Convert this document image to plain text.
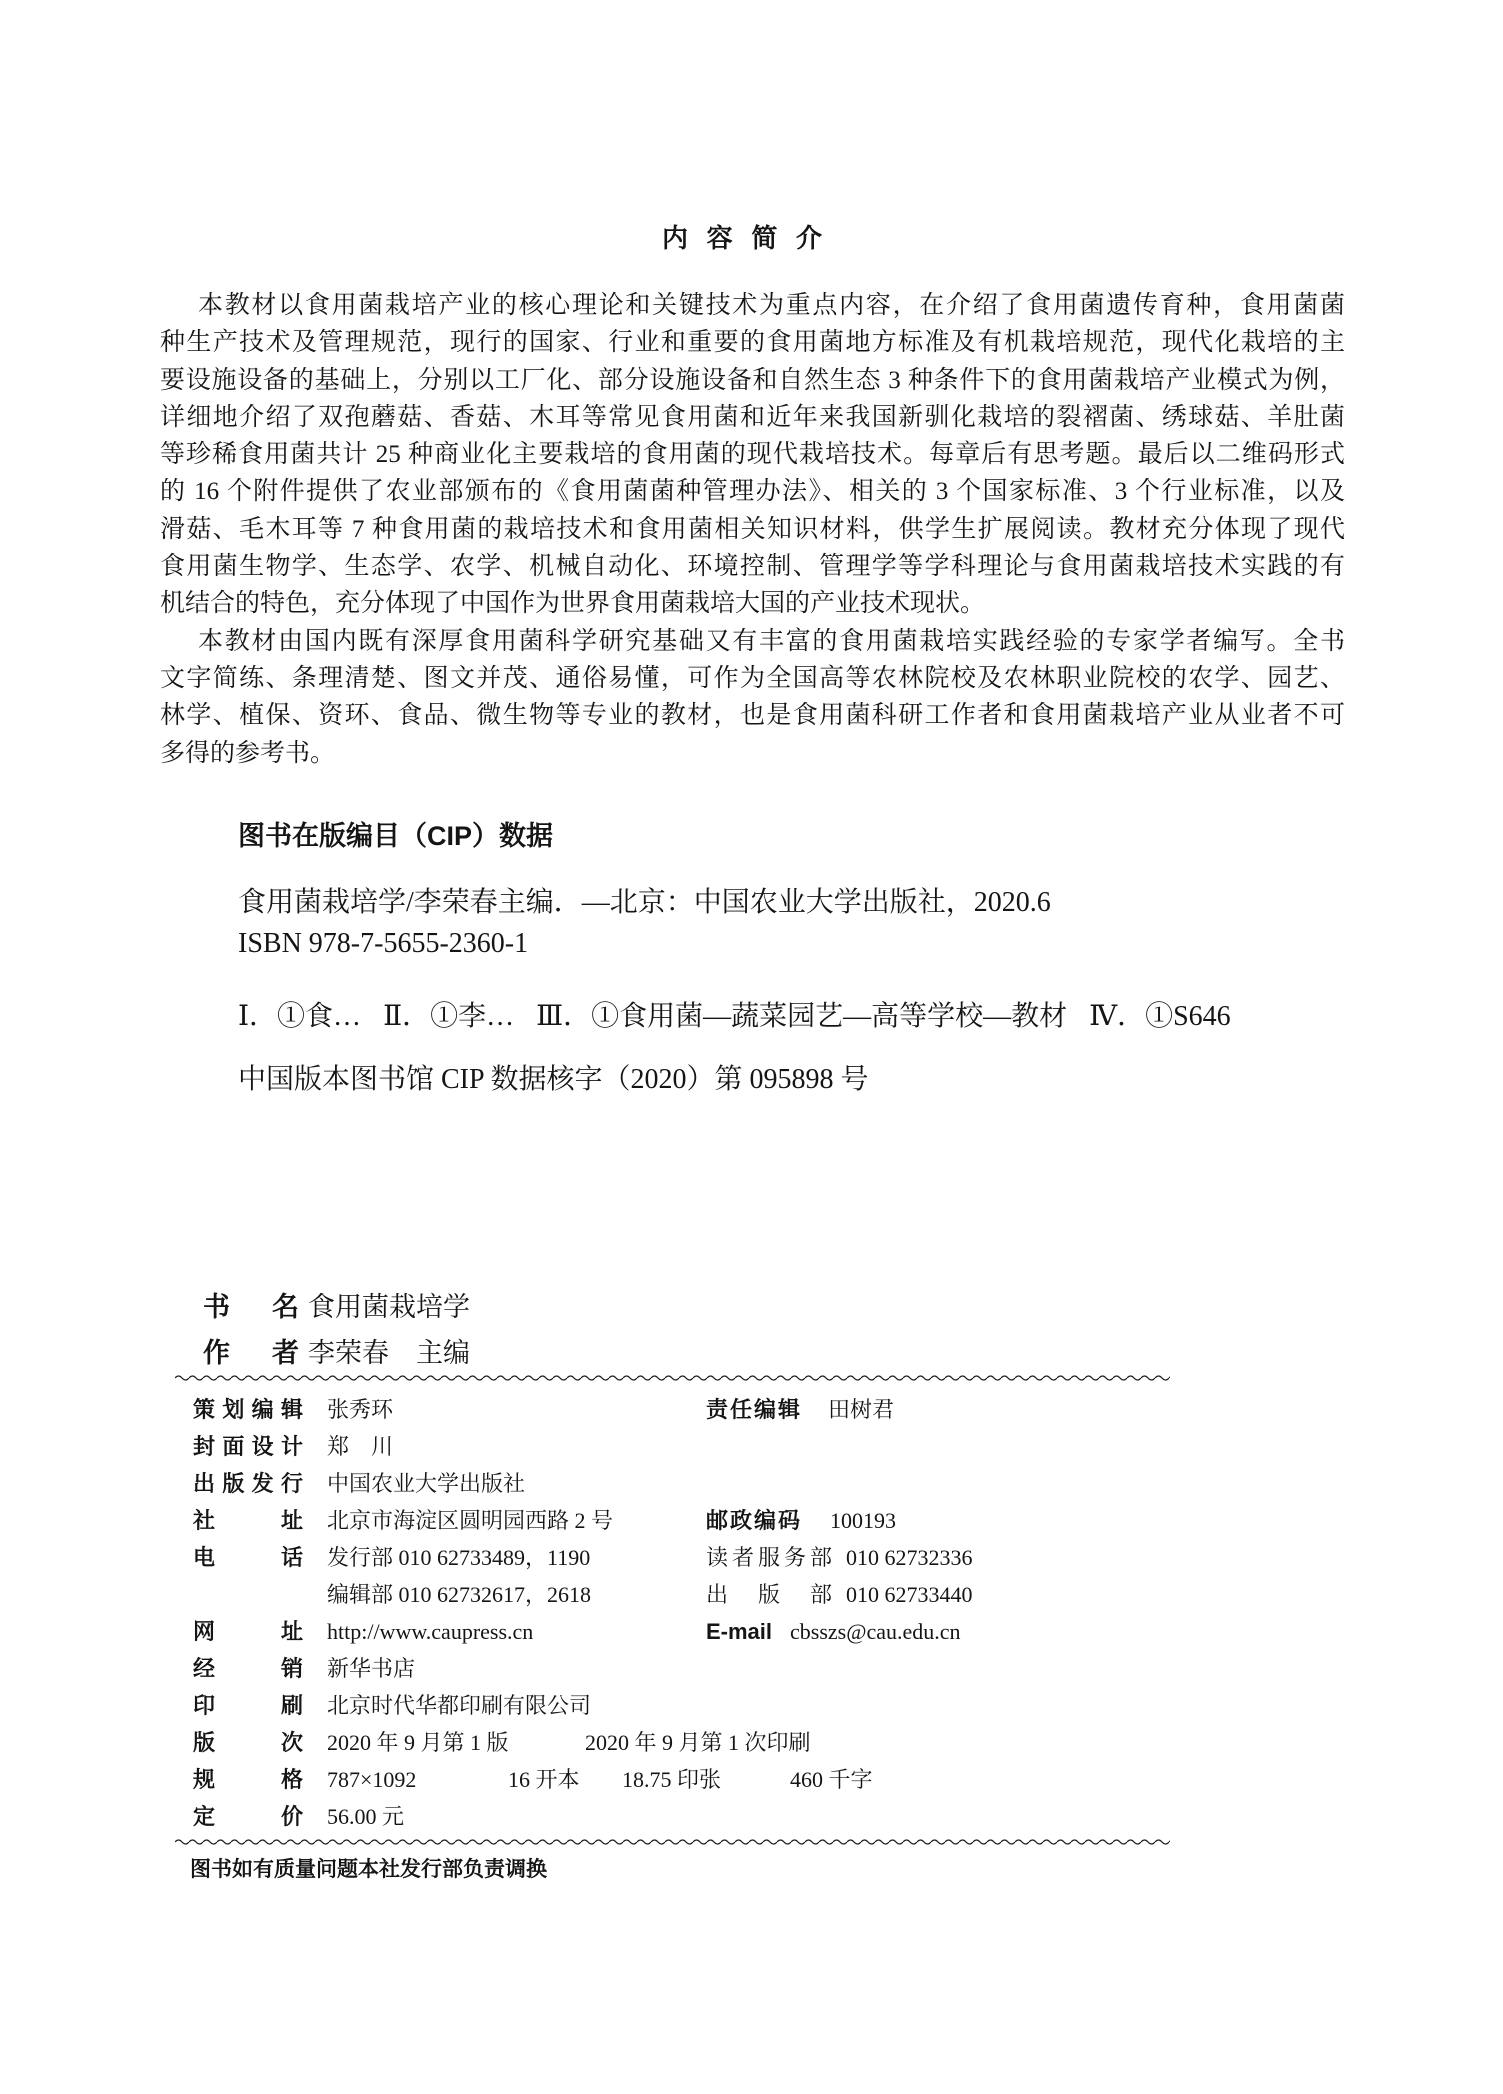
内容简介
本教材以食用菌栽培产业的核心理论和关键技术为重点内容，在介绍了食用菌遗传育种，食用菌菌
种生产技术及管理规范，现行的国家、行业和重要的食用菌地方标准及有机栽培规范，现代化栽培的主
要设施设备的基础上，分别以工厂化、部分设施设备和自然生态 3 种条件下的食用菌栽培产业模式为例，
详细地介绍了双孢蘑菇、香菇、木耳等常见食用菌和近年来我国新驯化栽培的裂褶菌、绣球菇、羊肚菌
等珍稀食用菌共计 25 种商业化主要栽培的食用菌的现代栽培技术。每章后有思考题。最后以二维码形式
的 16 个附件提供了农业部颁布的《食用菌菌种管理办法》、相关的 3 个国家标准、3 个行业标准，以及
滑菇、毛木耳等 7 种食用菌的栽培技术和食用菌相关知识材料，供学生扩展阅读。教材充分体现了现代
食用菌生物学、生态学、农学、机械自动化、环境控制、管理学等学科理论与食用菌栽培技术实践的有
机结合的特色，充分体现了中国作为世界食用菌栽培大国的产业技术现状。
本教材由国内既有深厚食用菌科学研究基础又有丰富的食用菌栽培实践经验的专家学者编写。全书
文字简练、条理清楚、图文并茂、通俗易懂，可作为全国高等农林院校及农林职业院校的农学、园艺、
林学、植保、资环、食品、微生物等专业的教材，也是食用菌科研工作者和食用菌栽培产业从业者不可
多得的参考书。
图书在版编目（CIP）数据
食用菌栽培学/李荣春主编．—北京：中国农业大学出版社，2020.6
ISBN 978-7-5655-2360-1
Ⅰ．①食… Ⅱ．①李… Ⅲ．①食用菌—蔬菜园艺—高等学校—教材 Ⅳ．①S646
中国版本图书馆 CIP 数据核字（2020）第 095898 号
书名 食用菌栽培学
作者 李荣春　主编
策划编辑 张秀环	责任编辑 田树君
封面设计 郑　川
出版发行 中国农业大学出版社
社址 北京市海淀区圆明园西路 2 号	邮政编码 100193
电话 发行部 010 62733489，1190	读者服务部 010 62732336
编辑部 010 62732617，2618	出版部 010 62733440
网址 http://www.caupress.cn	E-mail cbsszs@cau.edu.cn
经销 新华书店
印刷 北京时代华都印刷有限公司
版次 2020 年 9 月第 1 版	2020 年 9 月第 1 次印刷
规格 787×1092	16 开本 18.75 印张	460 千字
定价 56.00 元
图书如有质量问题本社发行部负责调换
